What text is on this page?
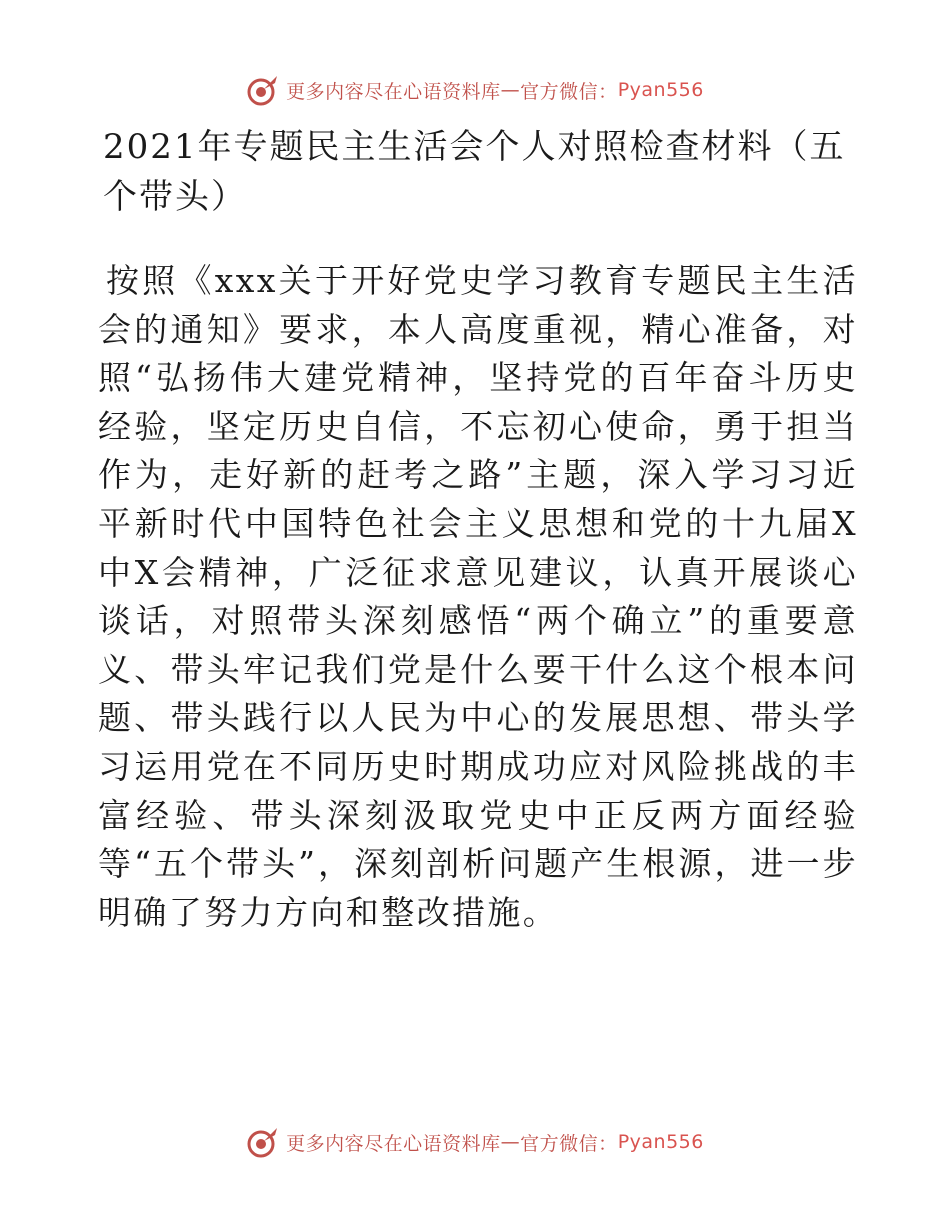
更多内容尽在心语资料库 — 官方微信： Pyan556
2021年专题民主生活会个人对照检查材料（五个带头）

按照《xxx关于开好党史学习教育专题民主生活会的通知》要求，本人高度重视，精心准备，对照“弘扬伟大建党精神，坚持党的百年奋斗历史经验，坚定历史自信，不忘初心使命，勇于担当作为，走好新的赶考之路”主题，深入学习习近平新时代中国特色社会主义思想和党的十九届X中X会精神，广泛征求意见建议，认真开展谈心谈话，对照带头深刻感悟“两个确立”的重要意义、带头牢记我们党是什么要干什么这个根本问题、带头践行以人民为中心的发展思想、带头学习运用党在不同历史时期成功应对风险挑战的丰富经验、带头深刻汲取党史中正反两方面经验等“五个带头”，深刻剖析问题产生根源，进一步明确了努力方向和整改措施。

更多内容尽在心语资料库 — 官方微信： Pyan556
